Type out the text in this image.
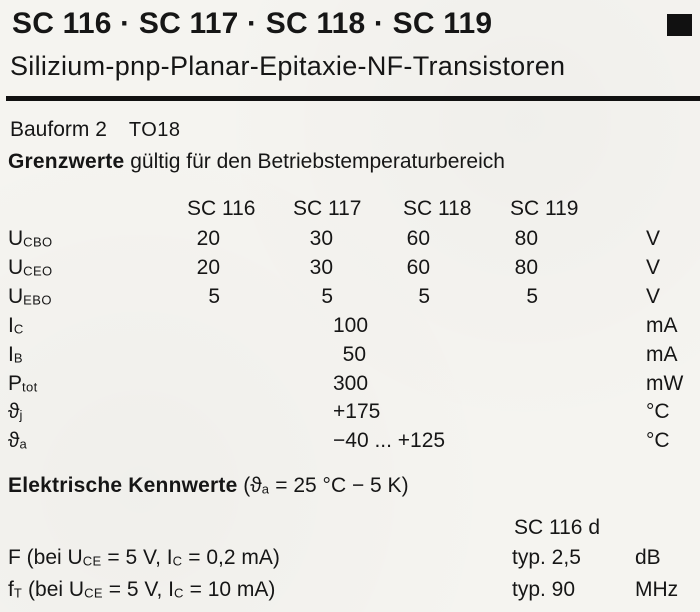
SC 116 · SC 117 · SC 118 · SC 119
Silizium-pnp-Planar-Epitaxie-NF-Transistoren
Bauform 2 TO18
Grenzwerte gültig für den Betriebstemperaturbereich
SC 116 SC 117 SC 118 SC 119
UCBO	20	30	60	80	V
UCEO	20	30	60	80	V
UEBO	5	5	5	5	V
IC	100	mA
IB	50	mA
Ptot	300	mW
ϑj	+175	°C
ϑa	−40 ... +125	°C
Elektrische Kennwerte (ϑa = 25 °C − 5 K)
SC 116 d
F (bei UCE = 5 V, IC = 0,2 mA)	typ. 2,5	dB
fT (bei UCE = 5 V, IC = 10 mA)	typ. 90	MHz
